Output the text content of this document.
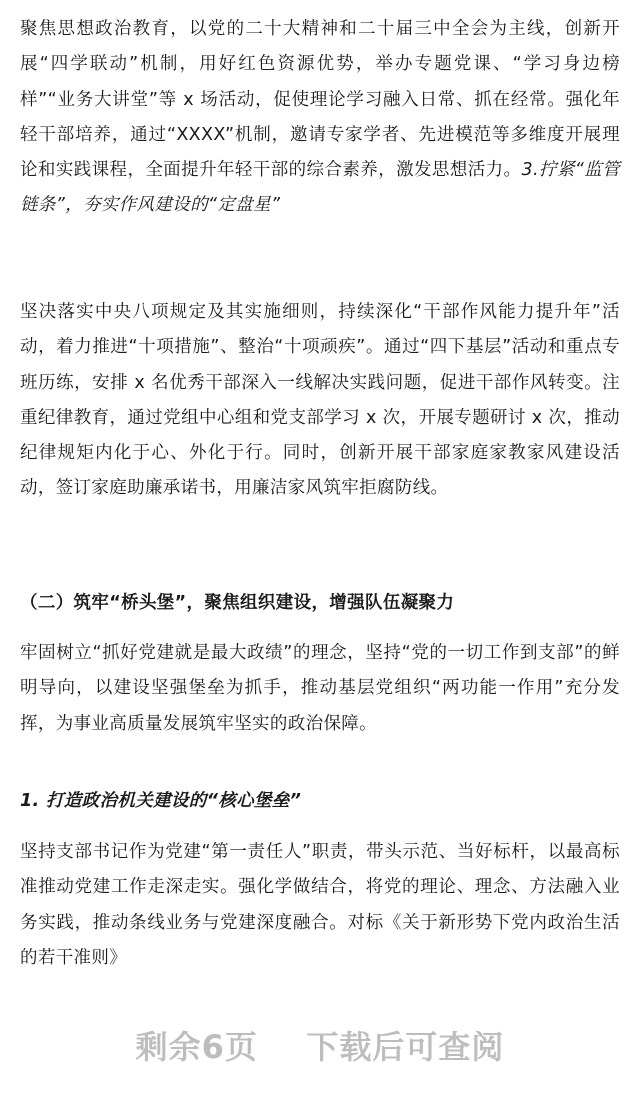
聚焦思想政治教育，以党的二十大精神和二十届三中全会为主线，创新开展“四学联动”机制，用好红色资源优势，举办专题党课、“学习身边榜样”“业务大讲堂”等 x 场活动，促使理论学习融入日常、抓在经常。强化年轻干部培养，通过“XXXX”机制，邀请专家学者、先进模范等多维度开展理论和实践课程，全面提升年轻干部的综合素养，激发思想活力。3.拧紧“监管链条”，夯实作风建设的“定盘星”

坚决落实中央八项规定及其实施细则，持续深化“干部作风能力提升年”活动，着力推进“十项措施”、整治“十项顽疾”。通过“四下基层”活动和重点专班历练，安排 x 名优秀干部深入一线解决实践问题，促进干部作风转变。注重纪律教育，通过党组中心组和党支部学习 x 次，开展专题研讨 x 次，推动纪律规矩内化于心、外化于行。同时，创新开展干部家庭家教家风建设活动，签订家庭助廉承诺书，用廉洁家风筑牢拒腐防线。

（二）筑牢“桥头堡”，聚焦组织建设，增强队伍凝聚力

牢固树立“抓好党建就是最大政绩”的理念，坚持“党的一切工作到支部”的鲜明导向，以建设坚强堡垒为抓手，推动基层党组织“两功能一作用”充分发挥，为事业高质量发展筑牢坚实的政治保障。

1. 打造政治机关建设的“核心堡垒”

坚持支部书记作为党建“第一责任人”职责，带头示范、当好标杆，以最高标准推动党建工作走深走实。强化学做结合，将党的理论、理念、方法融入业务实践，推动条线业务与党建深度融合。对标《关于新形势下党内政治生活的若干准则》

剩余6页    下载后可查阅
